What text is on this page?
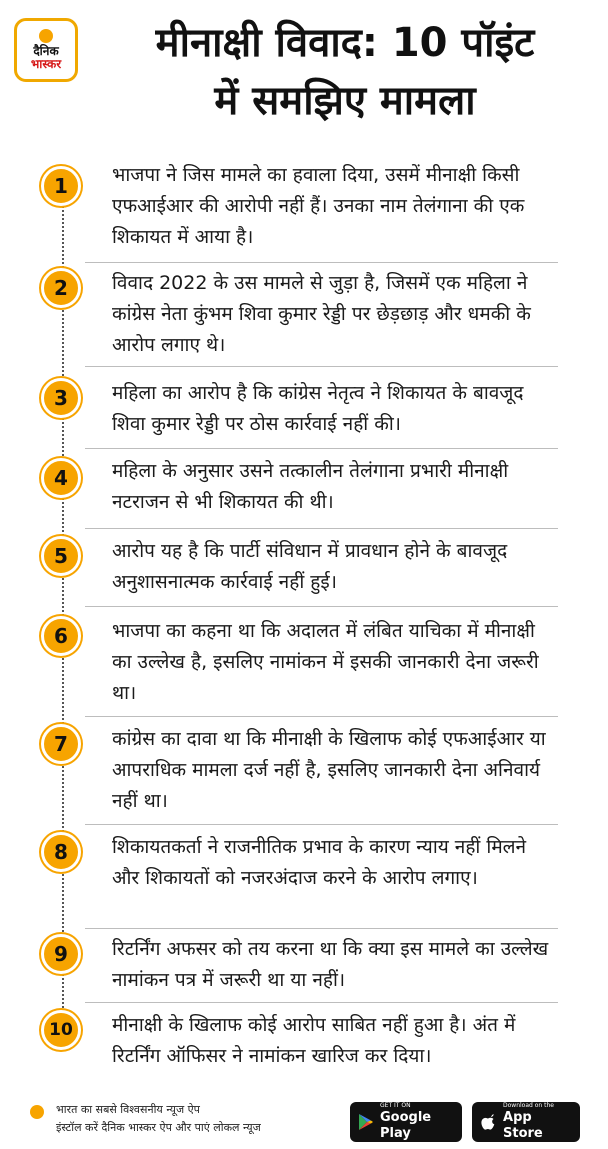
दैनिक
भास्कर	मीनाक्षी विवाद: 10 पॉइंट
में समझिए मामला
1	भाजपा ने जिस मामले का हवाला दिया, उसमें मीनाक्षी किसी एफआईआर की आरोपी नहीं हैं। उनका नाम तेलंगाना की एक शिकायत में आया है।
2	विवाद 2022 के उस मामले से जुड़ा है, जिसमें एक महिला ने कांग्रेस नेता कुंभम शिवा कुमार रेड्डी पर छेड़छाड़ और धमकी के आरोप लगाए थे।
3	महिला का आरोप है कि कांग्रेस नेतृत्व ने शिकायत के बावजूद शिवा कुमार रेड्डी पर ठोस कार्रवाई नहीं की।
4	महिला के अनुसार उसने तत्कालीन तेलंगाना प्रभारी मीनाक्षी नटराजन से भी शिकायत की थी।
5	आरोप यह है कि पार्टी संविधान में प्रावधान होने के बावजूद अनुशासनात्मक कार्रवाई नहीं हुई।
6	भाजपा का कहना था कि अदालत में लंबित याचिका में मीनाक्षी का उल्लेख है, इसलिए नामांकन में इसकी जानकारी देना जरूरी था।
7	कांग्रेस का दावा था कि मीनाक्षी के खिलाफ कोई एफआईआर या आपराधिक मामला दर्ज नहीं है, इसलिए जानकारी देना अनिवार्य नहीं था।
8	शिकायतकर्ता ने राजनीतिक प्रभाव के कारण न्याय नहीं मिलने और शिकायतों को नजरअंदाज करने के आरोप लगाए।
9	रिटर्निंग अफसर को तय करना था कि क्या इस मामले का उल्लेख नामांकन पत्र में जरूरी था या नहीं।
10	मीनाक्षी के खिलाफ कोई आरोप साबित नहीं हुआ है। अंत में रिटर्निंग ऑफिसर ने नामांकन खारिज कर दिया।
भारत का सबसे विश्वसनीय न्यूज ऐप
इंस्टॉल करें दैनिक भास्कर ऐप और पाएं लोकल न्यूज
GET IT ON
Google Play
Download on the
App Store
